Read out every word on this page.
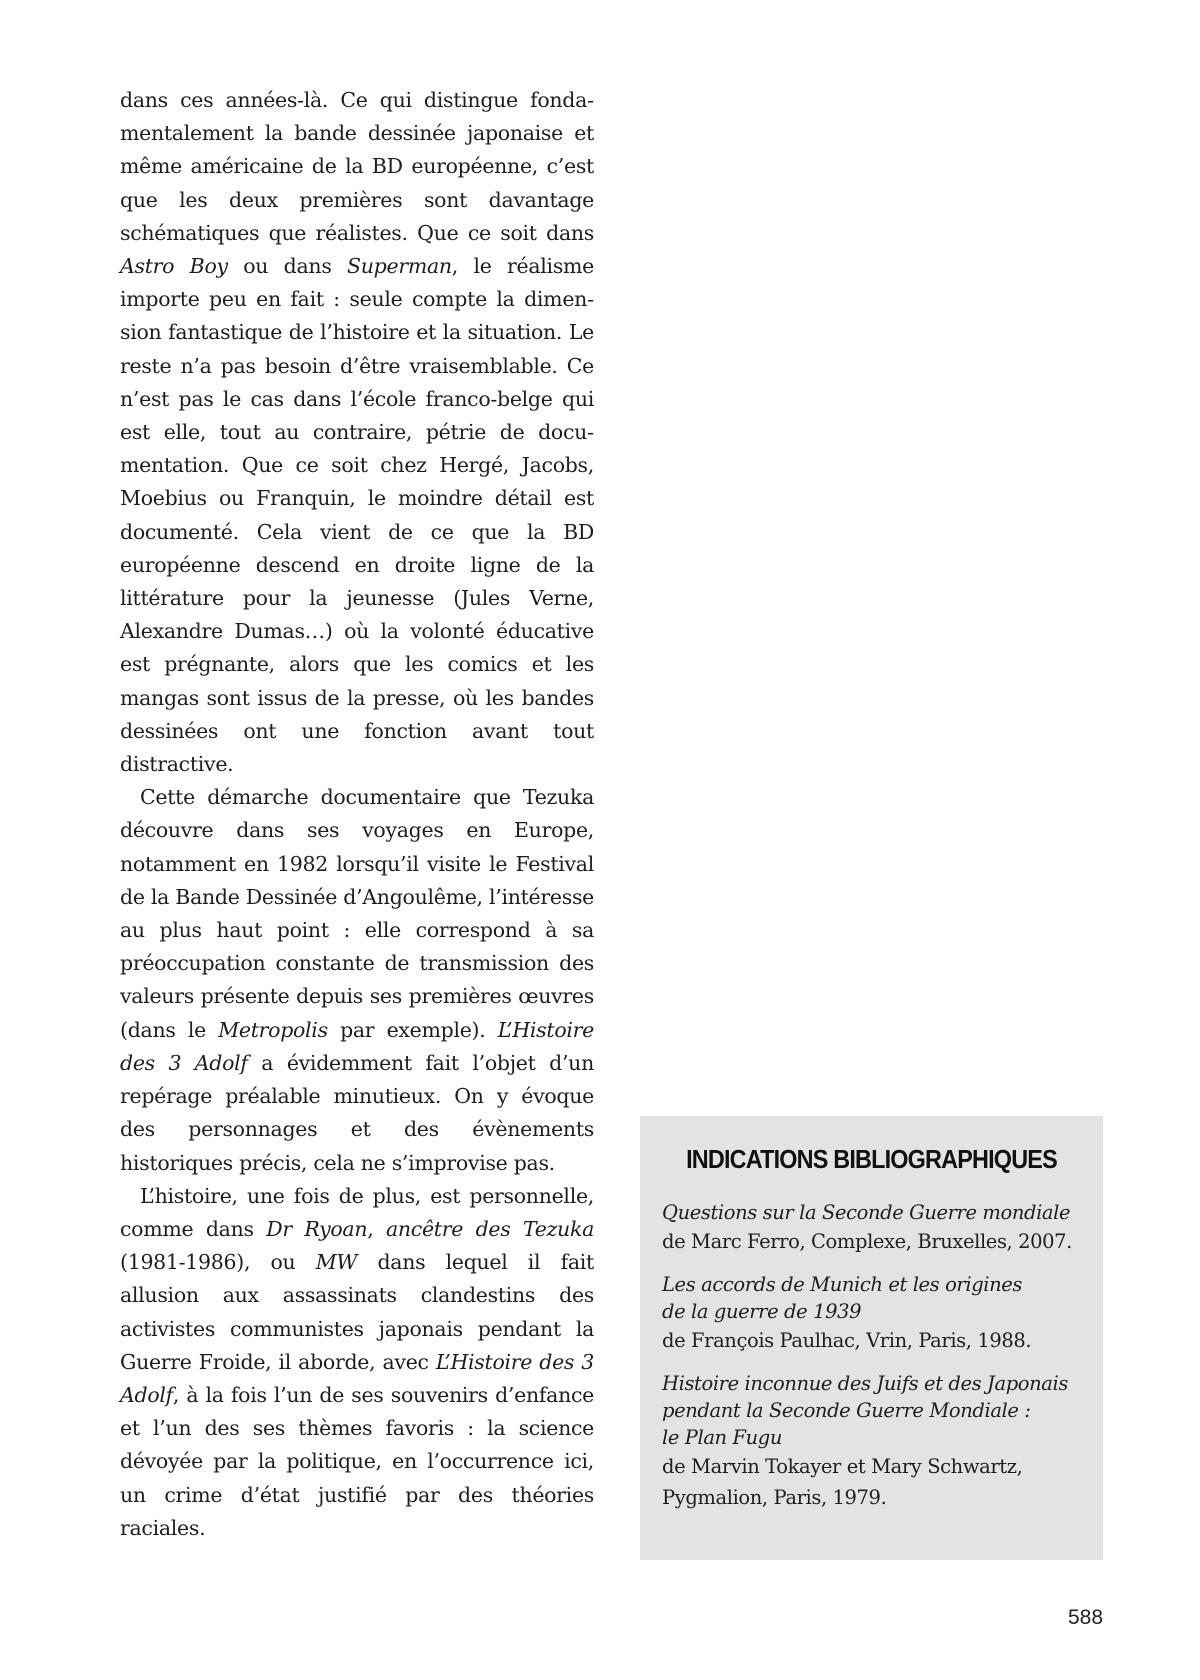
dans ces années-là. Ce qui distingue fondamentalement la bande dessinée japonaise et même américaine de la BD européenne, c’est que les deux premières sont davantage schématiques que réalistes. Que ce soit dans Astro Boy ou dans Superman, le réalisme importe peu en fait : seule compte la dimension fantastique de l’histoire et la situation. Le reste n’a pas besoin d’être vraisemblable. Ce n’est pas le cas dans l’école franco-belge qui est elle, tout au contraire, pétrie de documentation. Que ce soit chez Hergé, Jacobs, Moebius ou Franquin, le moindre détail est documenté. Cela vient de ce que la BD européenne descend en droite ligne de la littérature pour la jeunesse (Jules Verne, Alexandre Dumas…) où la volonté éducative est prégnante, alors que les comics et les mangas sont issus de la presse, où les bandes dessinées ont une fonction avant tout distractive.

Cette démarche documentaire que Tezuka découvre dans ses voyages en Europe, notamment en 1982 lorsqu’il visite le Festival de la Bande Dessinée d’Angoulême, l’intéresse au plus haut point : elle correspond à sa préoccupation constante de transmission des valeurs présente depuis ses premières œuvres (dans le Metropolis par exemple). L’Histoire des 3 Adolf a évidemment fait l’objet d’un repérage préalable minutieux. On y évoque des personnages et des évènements historiques précis, cela ne s’improvise pas.

L’histoire, une fois de plus, est personnelle, comme dans Dr Ryoan, ancêtre des Tezuka (1981-1986), ou MW dans lequel il fait allusion aux assassinats clandestins des activistes communistes japonais pendant la Guerre Froide, il aborde, avec L’Histoire des 3 Adolf, à la fois l’un de ses souvenirs d’enfance et l’un des ses thèmes favoris : la science dévoyée par la politique, en l’occurrence ici, un crime d’état justifié par des théories raciales.

INDICATIONS BIBLIOGRAPHIQUES
Questions sur la Seconde Guerre mondiale
de Marc Ferro, Complexe, Bruxelles, 2007.
Les accords de Munich et les origines
de la guerre de 1939
de François Paulhac, Vrin, Paris, 1988.
Histoire inconnue des Juifs et des Japonais
pendant la Seconde Guerre Mondiale :
le Plan Fugu
de Marvin Tokayer et Mary Schwartz,
Pygmalion, Paris, 1979.
588
